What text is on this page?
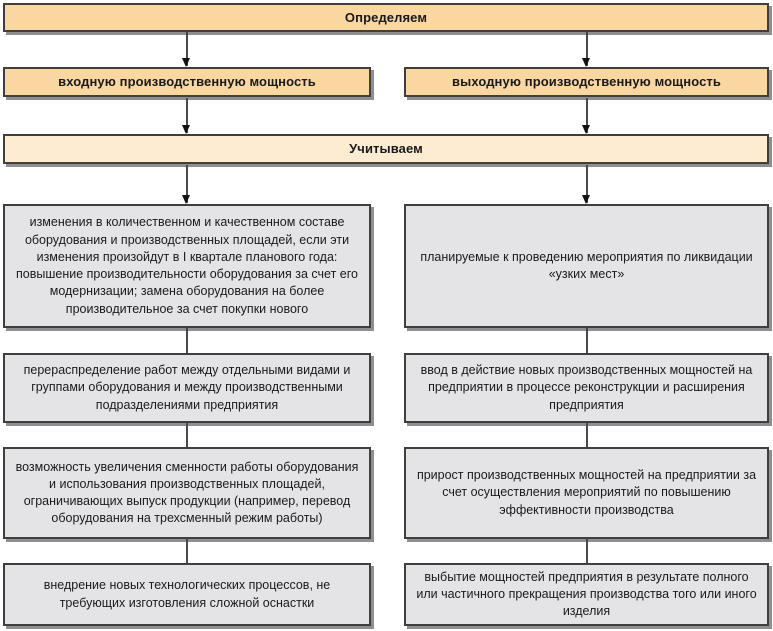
Определяем
входную производственную мощность	выходную производственную мощность
Учитываем
изменения в количественном и качественном составе оборудования и производственных площадей, если эти изменения произойдут в I квартале планового года: повышение производительности оборудования за счет его модернизации; замена оборудования на более производительное за счет покупки нового
перераспределение работ между отдельными видами и группами оборудования и между производственными подразделениями предприятия
возможность увеличения сменности работы оборудования и использования производственных площадей, ограничивающих выпуск продукции (например, перевод оборудования на трехсменный режим работы)
внедрение новых технологических процессов, не требующих изготовления сложной оснастки
планируемые к проведению мероприятия по ликвидации «узких мест»
ввод в действие новых производственных мощностей на предприятии в процессе реконструкции и расширения предприятия
прирост производственных мощностей на предприятии за счет осуществления мероприятий по повышению эффективности производства
выбытие мощностей предприятия в результате полного или частичного прекращения производства того или иного изделия
